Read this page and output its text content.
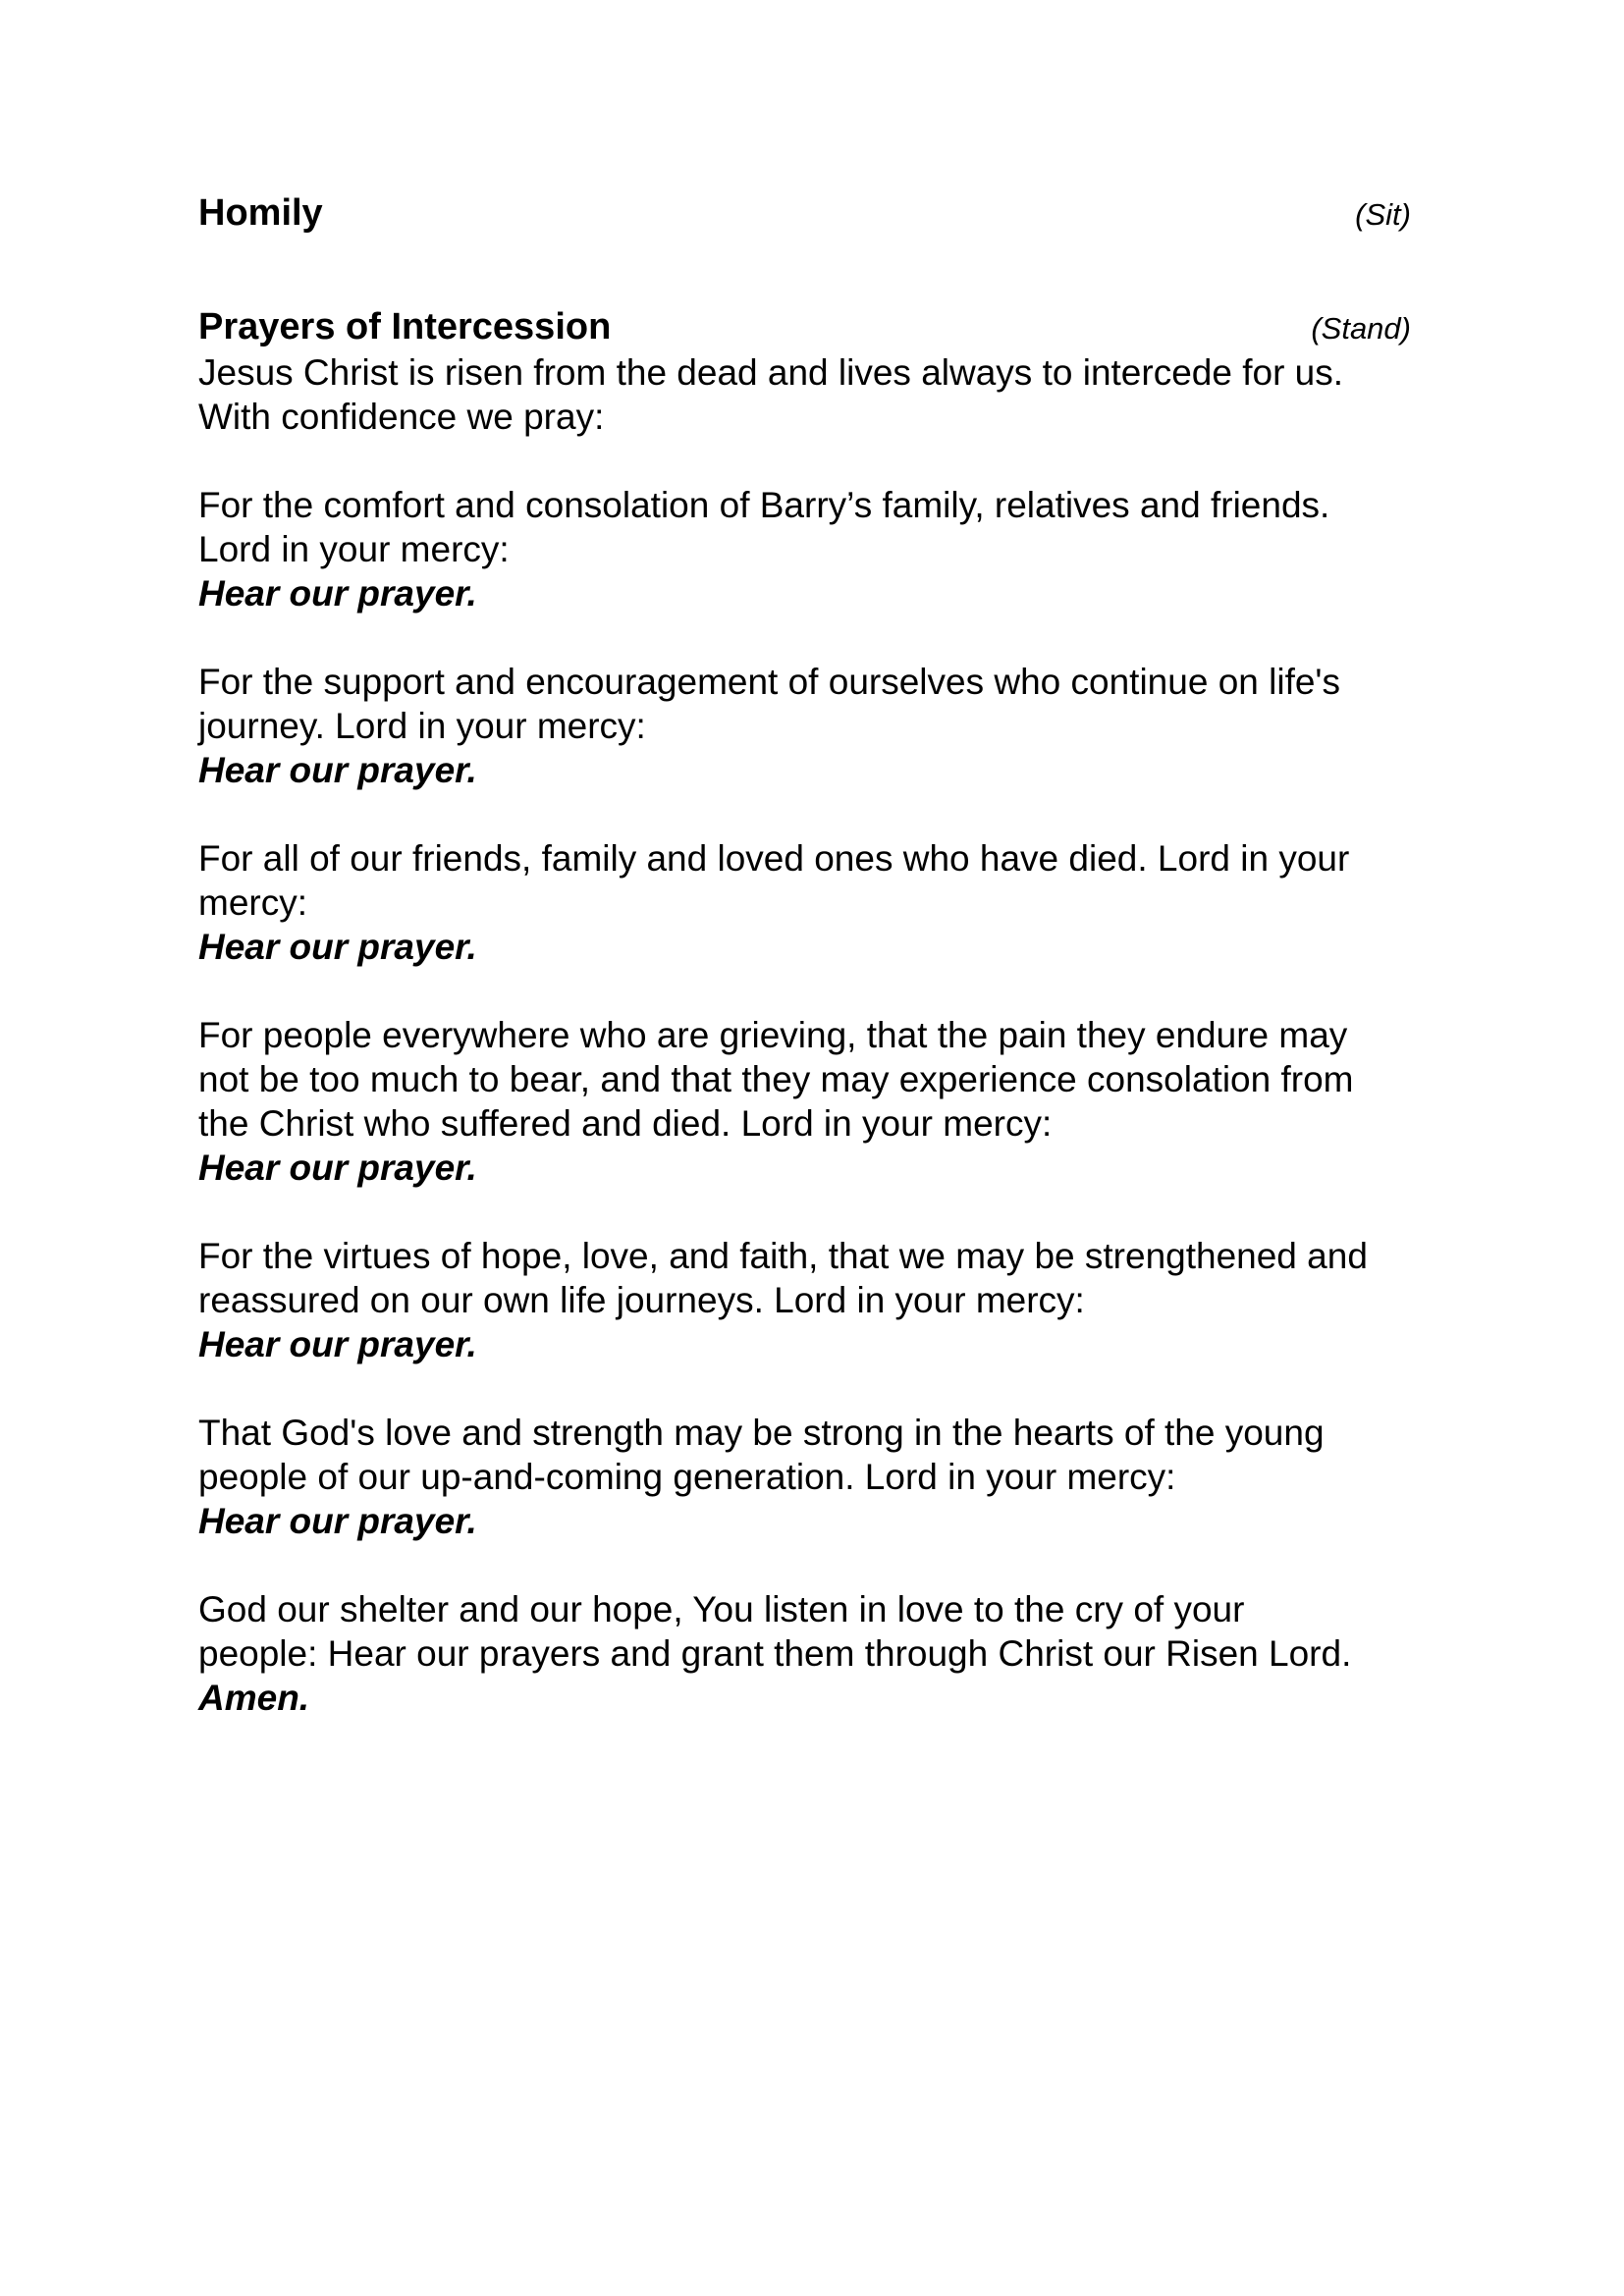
Homily	(Sit)
Prayers of Intercession	(Stand)
Jesus Christ is risen from the dead and lives always to intercede for us.
With confidence we pray:
For the comfort and consolation of Barry’s family, relatives and friends.
Lord in your mercy:
Hear our prayer.
For the support and encouragement of ourselves who continue on life's
journey. Lord in your mercy:
Hear our prayer.
For all of our friends, family and loved ones who have died. Lord in your
mercy:
Hear our prayer.
For people everywhere who are grieving, that the pain they endure may
not be too much to bear, and that they may experience consolation from
the Christ who suffered and died. Lord in your mercy:
Hear our prayer.
For the virtues of hope, love, and faith, that we may be strengthened and
reassured on our own life journeys. Lord in your mercy:
Hear our prayer.
That God's love and strength may be strong in the hearts of the young
people of our up-and-coming generation. Lord in your mercy:
Hear our prayer.
God our shelter and our hope, You listen in love to the cry of your
people: Hear our prayers and grant them through Christ our Risen Lord.
Amen.
